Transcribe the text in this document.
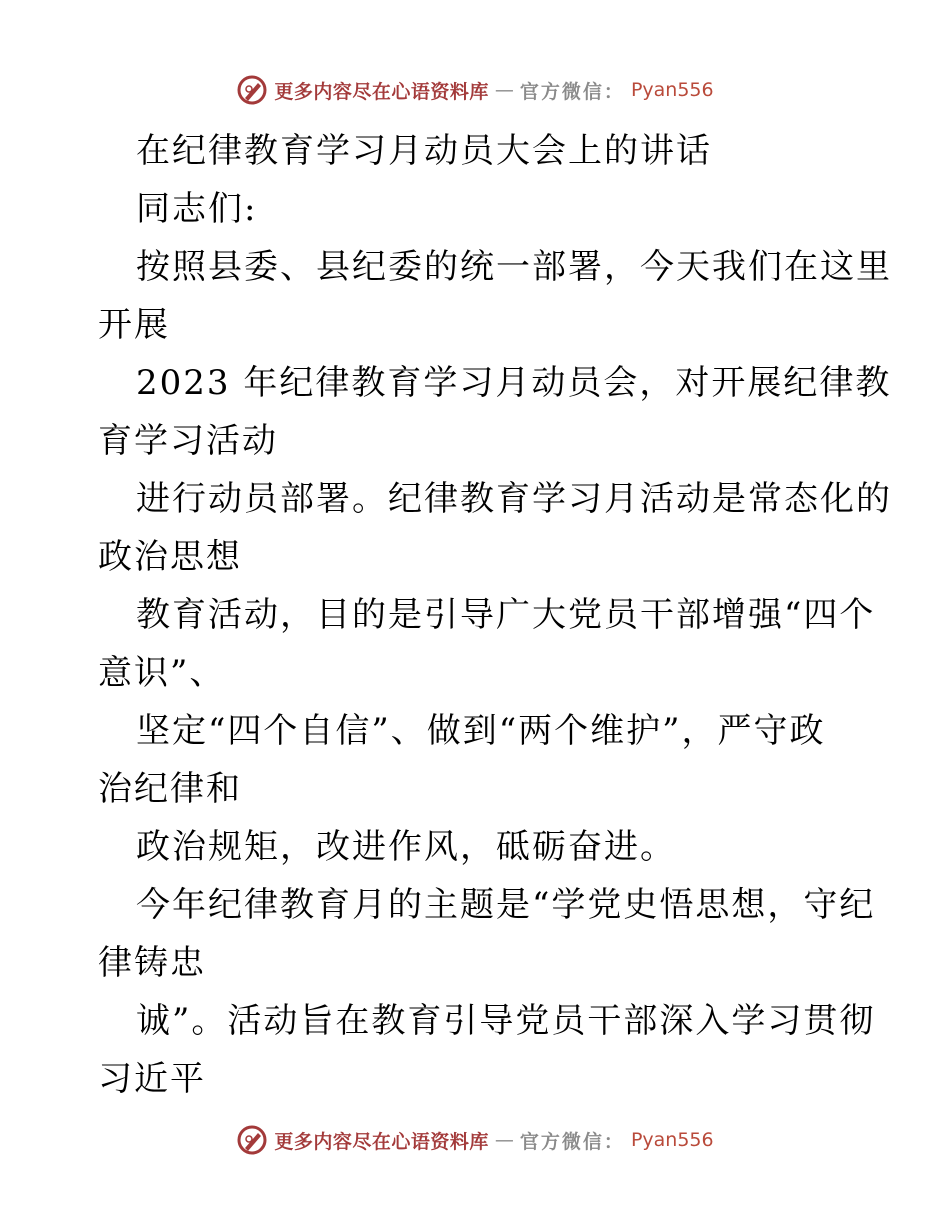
更多内容尽在心语资料库 — 官方微信： Pyan556
在纪律教育学习月动员大会上的讲话
同志们:
按照县委、县纪委的统一部署，今天我们在这里
开展
2023 年纪律教育学习月动员会，对开展纪律教
育学习活动
进行动员部署。纪律教育学习月活动是常态化的
政治思想
教育活动，目的是引导广大党员干部增强“四个
意识”、
坚定“四个自信”、做到“两个维护”，严守政
治纪律和
政治规矩，改进作风，砥砺奋进。
今年纪律教育月的主题是“学党史悟思想，守纪
律铸忠
诚”。活动旨在教育引导党员干部深入学习贯彻
习近平
更多内容尽在心语资料库 — 官方微信： Pyan556
